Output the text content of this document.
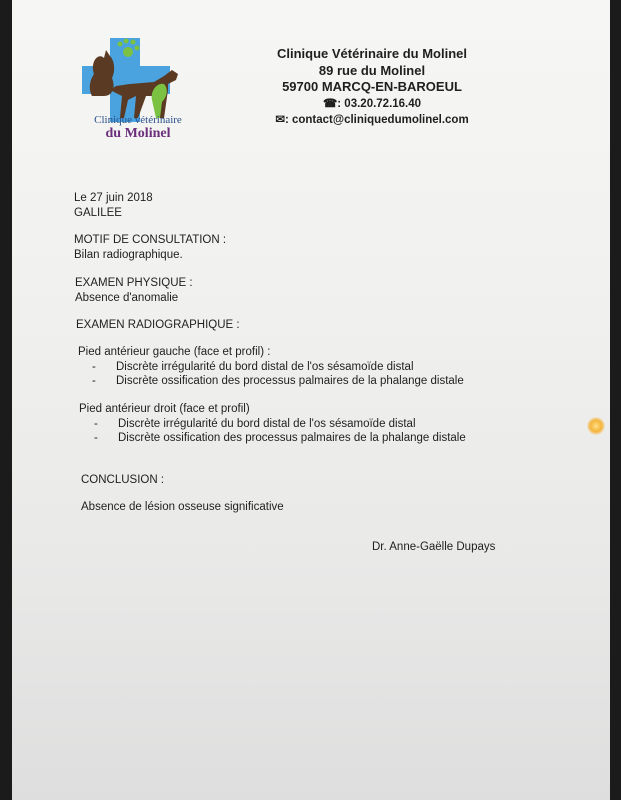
Clinique vétérinaire
du Molinel
Clinique Vétérinaire du Molinel
89 rue du Molinel
59700 MARCQ-EN-BAROEUL
☎: 03.20.72.16.40
✉: contact@cliniquedumolinel.com
Le 27 juin 2018
GALILEE
MOTIF DE CONSULTATION :
Bilan radiographique.
EXAMEN PHYSIQUE :
Absence d'anomalie
EXAMEN RADIOGRAPHIQUE :
Pied antérieur gauche (face et profil) :
- Discrète irrégularité du bord distal de l'os sésamoïde distal
- Discrète ossification des processus palmaires de la phalange distale
Pied antérieur droit (face et profil)
- Discrète irrégularité du bord distal de l'os sésamoïde distal
- Discrète ossification des processus palmaires de la phalange distale
CONCLUSION :
Absence de lésion osseuse significative
Dr. Anne-Gaëlle Dupays
